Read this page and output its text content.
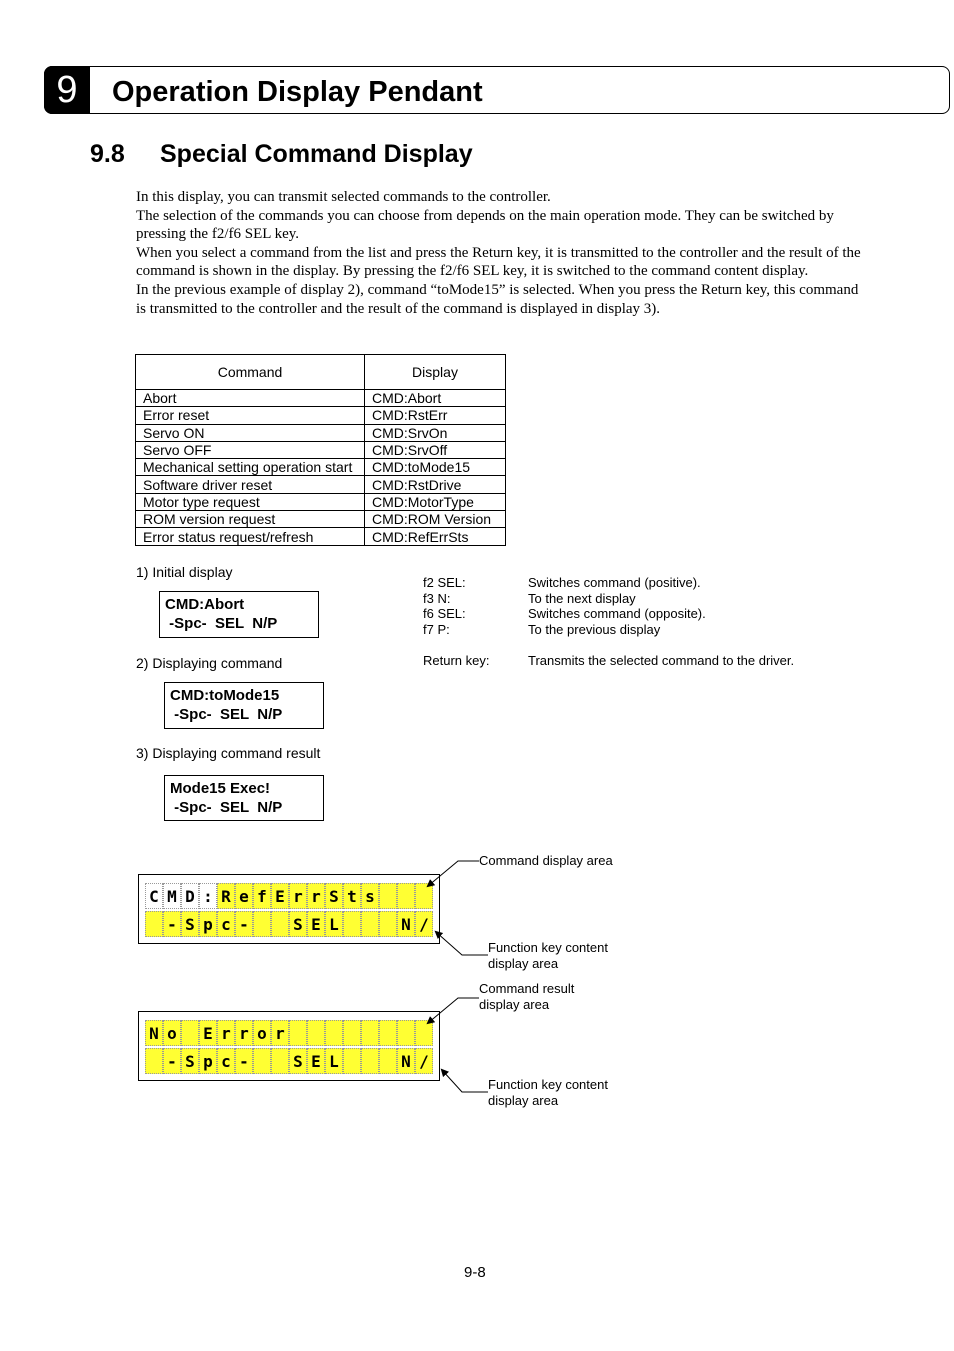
9	Operation Display Pendant
9.8 Special Command Display

In this display, you can transmit selected commands to the controller.

The selection of the commands you can choose from depends on the main operation mode. They can be switched by pressing the f2/f6 SEL key.

When you select a command from the list and press the Return key, it is transmitted to the controller and the result of the command is shown in the display. By pressing the f2/f6 SEL key, it is switched to the command content display.

In the previous example of display 2), command “toMode15” is selected. When you press the Return key, this command is transmitted to the controller and the result of the command is displayed in display 3).

Command	Display
Abort	CMD:Abort
Error reset	CMD:RstErr
Servo ON	CMD:SrvOn
Servo OFF	CMD:SrvOff
Mechanical setting operation start	CMD:toMode15
Software driver reset	CMD:RstDrive
Motor type request	CMD:MotorType
ROM version request	CMD:ROM Version
Error status request/refresh	CMD:RefErrSts
1) Initial display
CMD:Abort
-Spc-  SEL  N/P
2) Displaying command
CMD:toMode15
-Spc-  SEL  N/P
3) Displaying command result
Mode15 Exec!
-Spc-  SEL  N/P
f2 SEL:	Switches command (positive).
f3 N:	To the next display
f6 SEL:	Switches command (opposite).
f7 P:	To the previous display
Return key:	Transmits the selected command to the driver.
C M D : R e f E r r S t s
- S p c -	S E L	N /
Command display area
Function key content
display area
N o E r r o r
- S p c -	S E L	N /
Command result
display area
Function key content
display area
9-8
